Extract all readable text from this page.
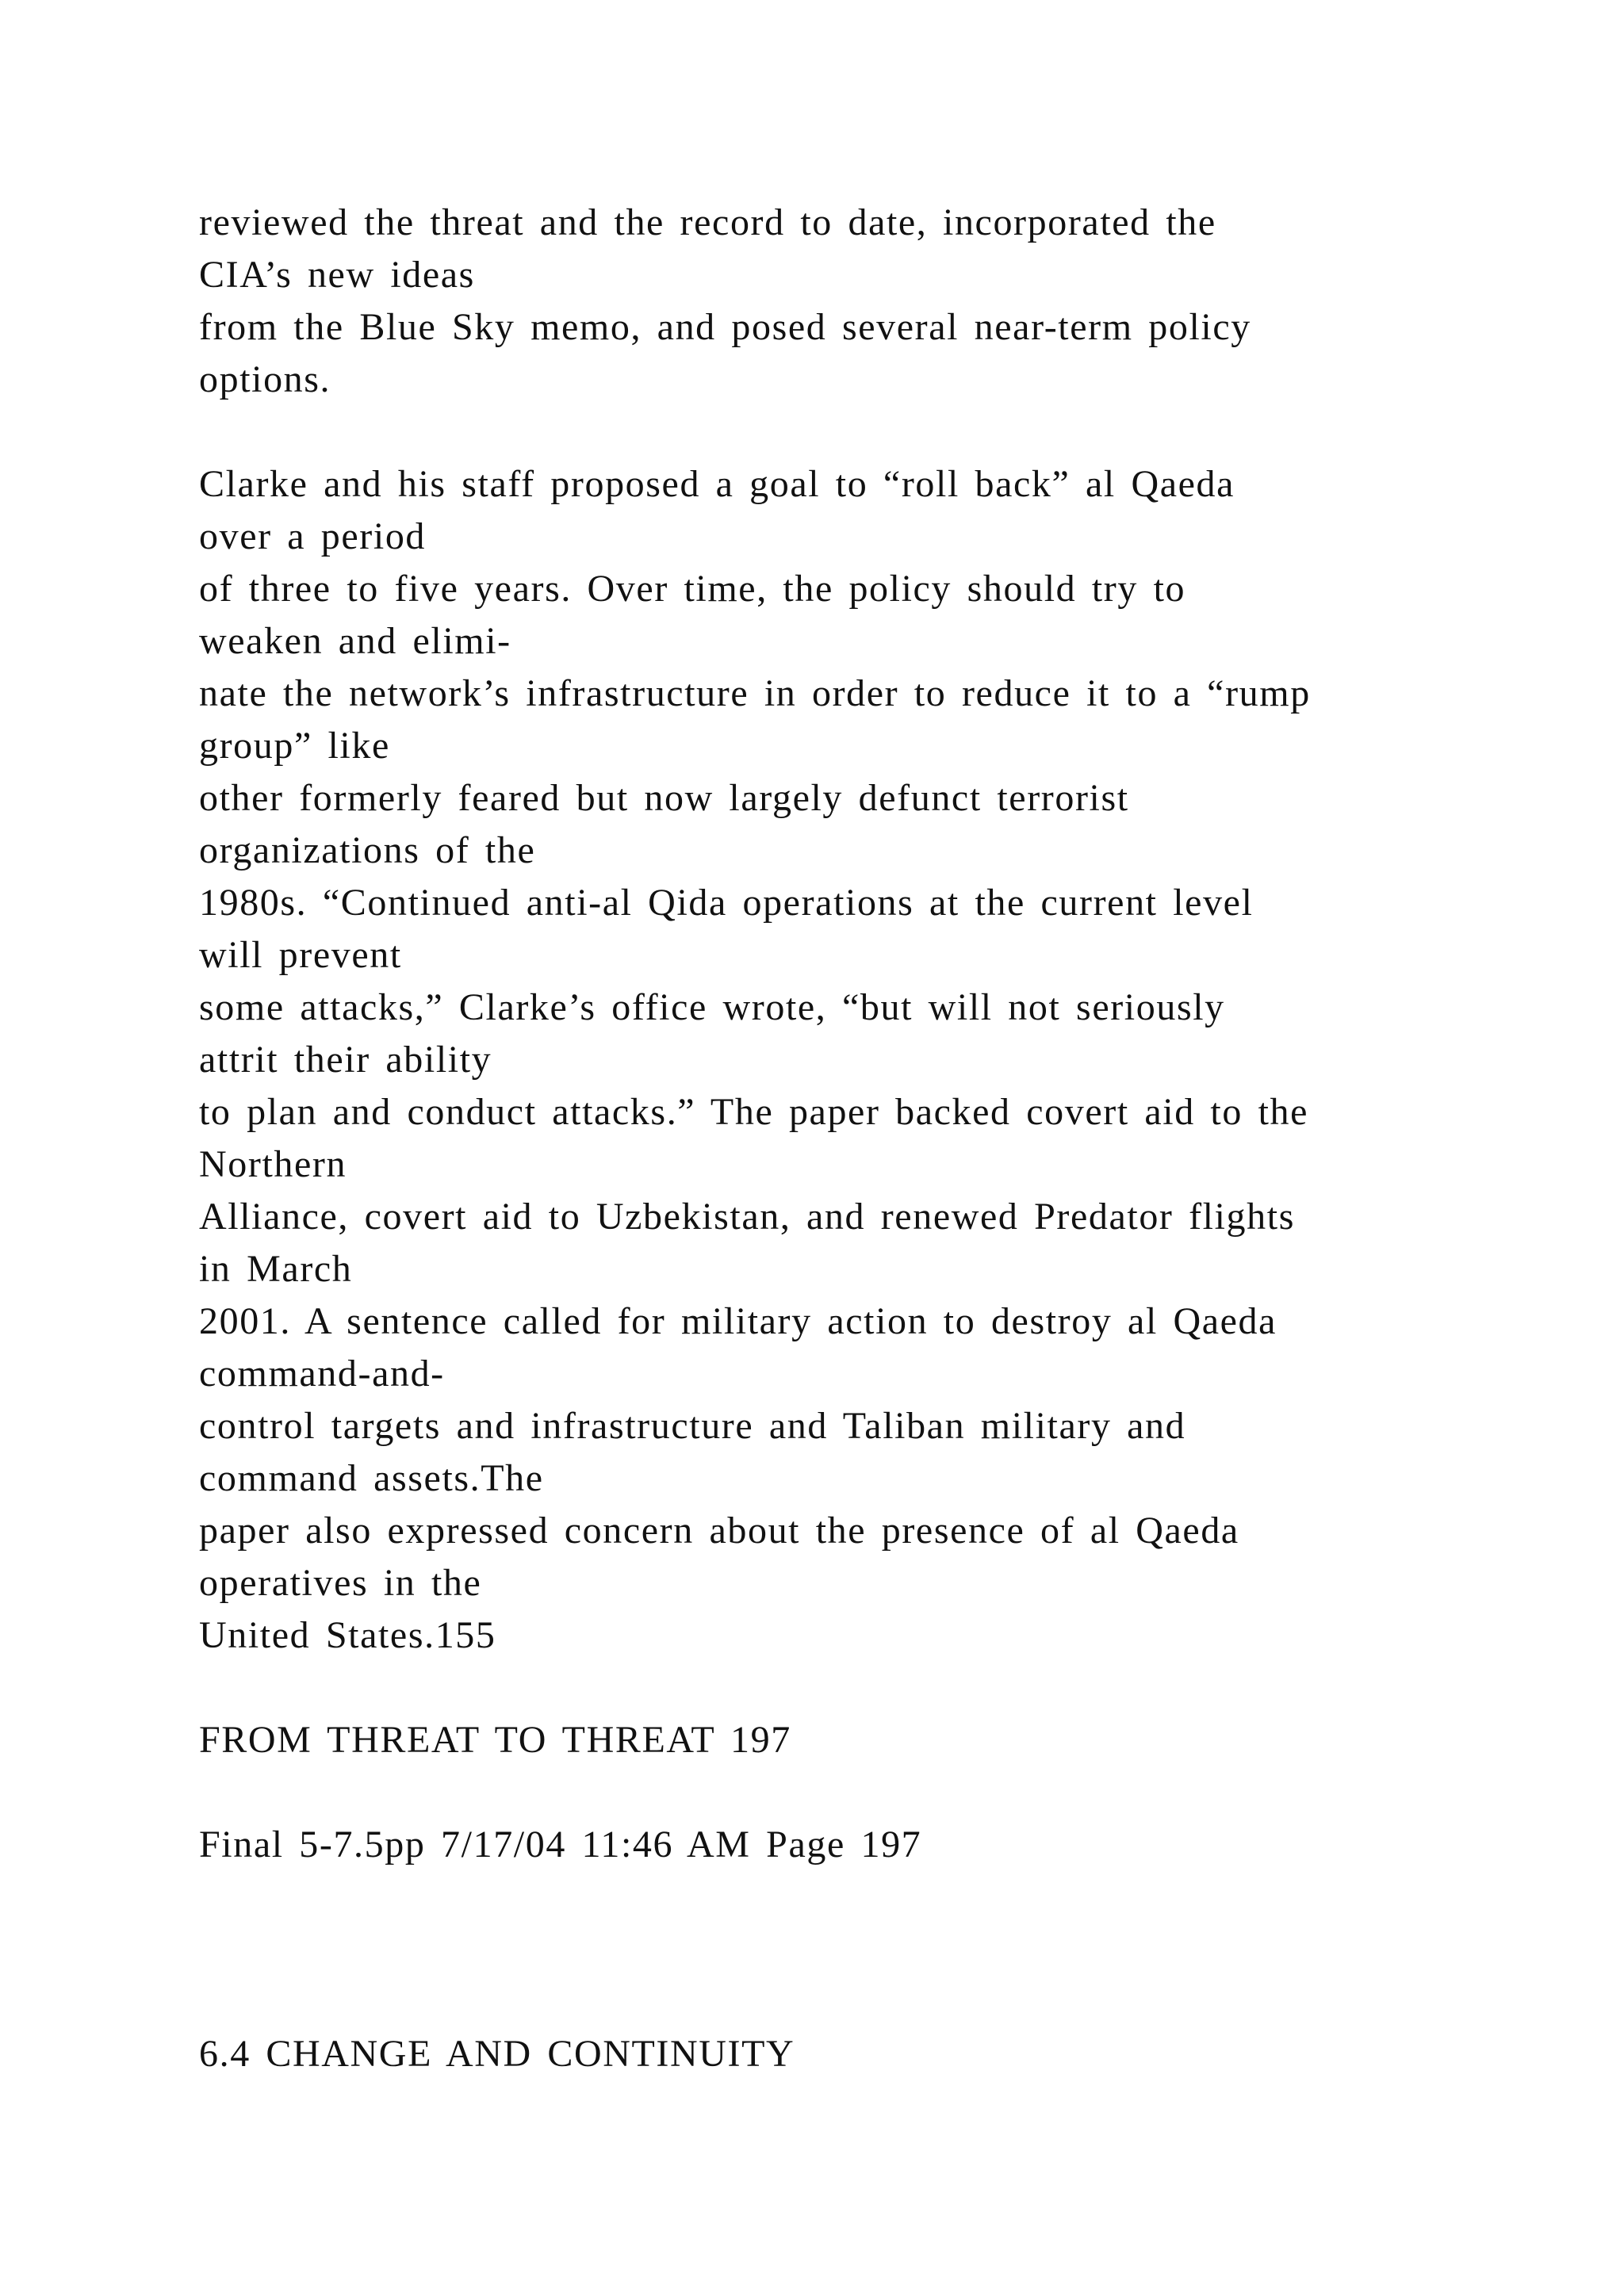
reviewed the threat and the record to date, incorporated the

CIA’s new ideas

from the Blue Sky memo, and posed several near-term policy

options.

Clarke and his staff proposed a goal to “roll back” al Qaeda

over a period

of three to five years. Over time, the policy should try to

weaken and elimi-

nate the network’s infrastructure in order to reduce it to a “rump

group” like

other formerly feared but now largely defunct terrorist

organizations of the

1980s. “Continued anti-al Qida operations at the current level

will prevent

some attacks,” Clarke’s office wrote, “but will not seriously

attrit their ability

to plan and conduct attacks.” The paper backed covert aid to the

Northern

Alliance, covert aid to Uzbekistan, and renewed Predator flights

in March

2001. A sentence called for military action to destroy al Qaeda

command-and-

control targets and infrastructure and Taliban military and

command assets.The

paper also expressed concern about the presence of al Qaeda

operatives in the

United States.155

FROM THREAT TO THREAT 197

Final 5-7.5pp 7/17/04 11:46 AM Page 197

6.4 CHANGE AND CONTINUITY
